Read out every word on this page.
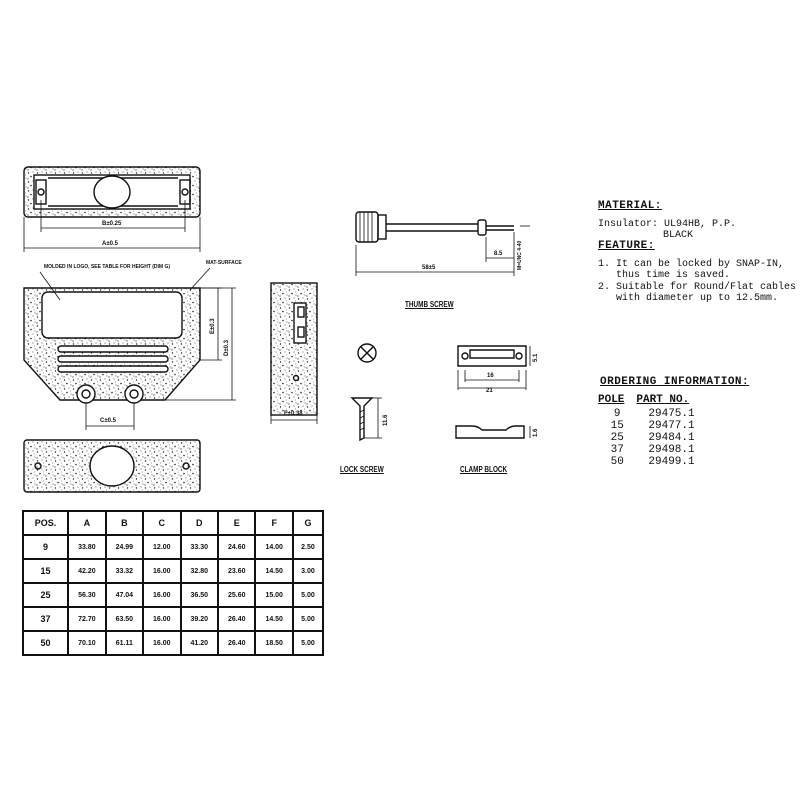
B±0.25
A±0.5
MOLDED IN LOGO, SEE TABLE FOR HEIGHT (DIM G)
MAT-SURFACE
E±0.3
D±0.3
C±0.5
F±0.38
58±5
8.5	M=UNC 4-40
16
21
5.1
1.6
11.6
THUMB SCREW
LOCK SCREW	CLAMP BLOCK
MATERIAL:
Insulator: UL94HB, P.P.
BLACK
FEATURE:
1. It can be locked by SNAP-IN,
thus time is saved.
2. Suitable for Round/Flat cables
with diameter up to 12.5mm.
ORDERING INFORMATION:
POLE	PART NO.
9	29475.1
15	29477.1
25	29484.1
37	29498.1
50	29499.1
POS.	A	B	C	D	E	F	G
9	33.80	24.99	12.00	33.30	24.60	14.00	2.50
15	42.20	33.32	16.00	32.80	23.60	14.50	3.00
25	56.30	47.04	16.00	36.50	25.60	15.00	5.00
37	72.70	63.50	16.00	39.20	26.40	14.50	5.00
50	70.10	61.11	16.00	41.20	26.40	18.50	5.00
